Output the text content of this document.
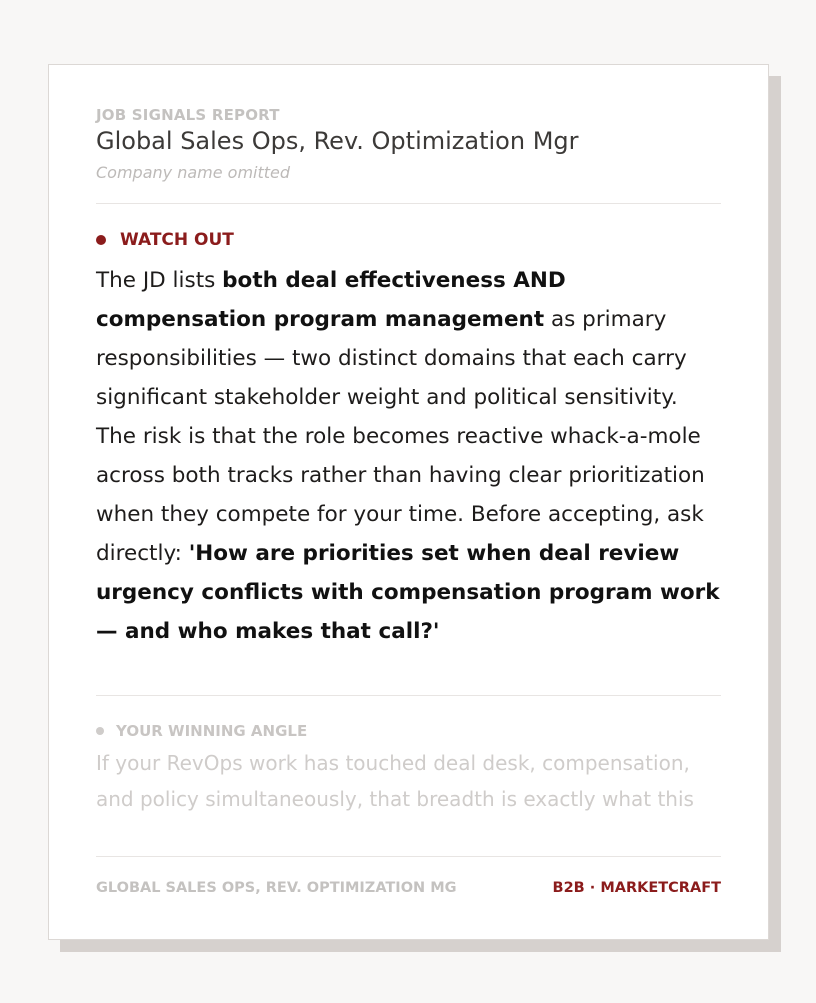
JOB SIGNALS REPORT
Global Sales Ops, Rev. Optimization Mgr
Company name omitted
WATCH OUT
The JD lists both deal effectiveness AND compensation program management as primary responsibilities — two distinct domains that each carry significant stakeholder weight and political sensitivity. The risk is that the role becomes reactive whack-a-mole across both tracks rather than having clear prioritization when they compete for your time. Before accepting, ask directly: 'How are priorities set when deal review urgency conflicts with compensation program work — and who makes that call?'
YOUR WINNING ANGLE
If your RevOps work has touched deal desk, compensation, and policy simultaneously, that breadth is exactly what this
GLOBAL SALES OPS, REV. OPTIMIZATION MG	B2B · MARKETCRAFT
